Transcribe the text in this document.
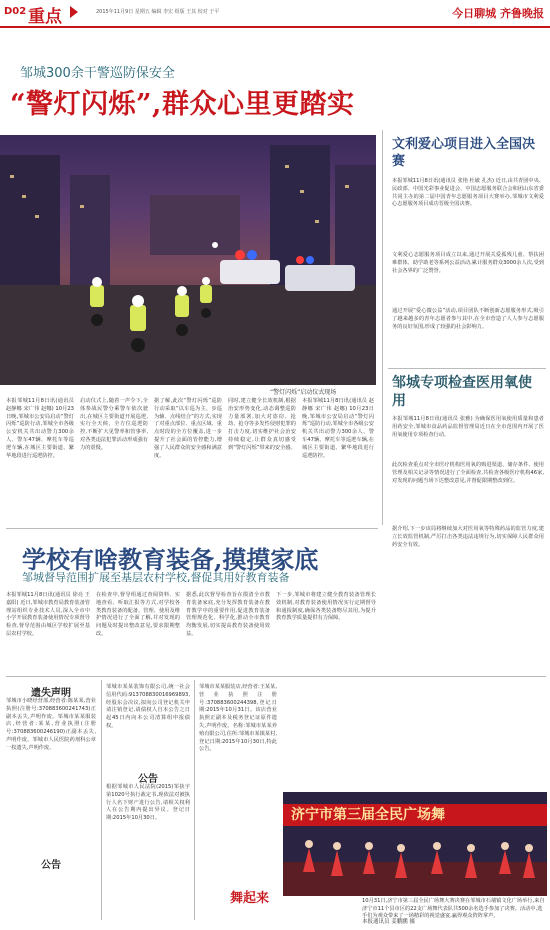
D02 重点	2015年11月9日 星期五 编辑 李宏 组版 王其 校对 于平	今日聊城 齐鲁晚报
邹城300余干警巡防保安全
“警灯闪烁”,群众心里更踏实
“警灯闪烁”启动仪式现场
本报邹城11月8日讯(通讯员 赵静娜 宋广伟 赵娜) 10月23日晚,邹城市公安局启动“警灯闪烁”巡防行动,邹城全市各级公安机关共出动警力300余人、警车47辆、摩托车等巡逻车辆,在城区主要街道、繁华地段进行巡逻防控。
启动仪式上,随着一声令下,全体参战民警分乘警车依次驶出,在城区主要街道开展巡逻,实行全天候、全方位巡逻防控,不断扩大见警率和管事率,对各类违法犯罪活动形成强有力的震慑。
据了解,此次“警灯闪烁”巡防行动采取“以车巡为主、步巡为辅、点线结合”的方式,实现了对重点部位、重点区域、重点时段的全方位覆盖,进一步提升了社会面的管控能力,增强了人民群众的安全感和满意度。
同时,建立健全长效机制,根据治安形势变化,动态调整巡防力量部署,加大对盗窃、抢劫、抢夺等多发性侵财犯罪的打击力度,切实维护社会治安持续稳定,让群众真切感受到“警灯闪烁”带来的安全感。
本报邹城11月8日讯(通讯员 赵静娜 宋广伟 赵娜) 10月23日晚,邹城市公安局启动“警灯闪烁”巡防行动,邹城全市各级公安机关共出动警力300余人、警车47辆、摩托车等巡逻车辆,在城区主要街道、繁华地段进行巡逻防控。
文利爱心项目进入全国决赛
本报邹城11月8日讯(通讯员 张艳 杜敏 孔杰) 近日,由共青团中央、民政部、中国光彩事业促进会、中国志愿服务联合会和团山东省委共同主办的第二届中国青年志愿服务项目大赛举办,邹城市文利爱心志愿服务项目成功晋级全国决赛。
文利爱心志愿服务项目成立以来,通过开展关爱孤残儿童、帮扶困难群体、助学助老等系列公益活动,累计服务群众3000余人次,受到社会各界的广泛赞誉。
通过开展“爱心微公益”活动,项目团队不断创新志愿服务形式,吸引了越来越多的青年志愿者参与其中,在全市营造了人人参与志愿服务的良好氛围,形成了较强的社会影响力。
邹城专项检查医用氧使用
本报邹城11月8日讯(通讯员 张雅) 为确保医用氧使用质量和患者用药安全,邹城市食品药品监督管理局近日在全市范围内开展了医用氧使用专项检查行动。
此次检查重点对全市医疗机构医用氧的购进渠道、储存条件、使用管理及相关记录等情况进行了全面检查,共检查各级医疗机构46家,对发现的问题当场下达整改意见,并督促限期整改到位。
据介绍,下一步该局将继续加大对医用氧等特殊药品的监管力度,建立长效监管机制,严厉打击各类违法违规行为,切实保障人民群众用药安全有效。
学校有啥教育装备,摸摸家底
邹城督导范围扩展至基层农村学校,督促其用好教育装备
本报邹城11月8日讯(通讯员 徐亮 王嘉阳) 近日,邹城市教育局教育装备管理站组织专业技术人员,深入全市中小学开展教育装备使用情况专项督导检查,督导范围由城区学校扩展至基层农村学校。
在检查中,督导组通过查阅资料、实地查看、听取汇报等方式,对学校各类教育装备的配备、管理、使用及维护情况进行了全面了解,并对发现的问题及时提出整改意见,要求限期整改。
据悉,此次督导检查旨在摸清全市教育装备家底,充分发挥教育装备在教育教学中的重要作用,促进教育装备管理规范化、科学化,推动全市教育均衡发展,切实提高教育装备使用效益。
下一步,邹城市将建立健全教育装备管理长效机制,对教育装备使用情况实行定期督导和通报制度,确保各类装备物尽其用,为提升教育教学质量提供有力保障。
遗失声明
邹城市小晓经营部,经营者:陈某某,营业执照(注册号:370883600241743)正副本丢失,声明作废。邹城市某某服装店,经营者:某某,营业执照(注册号:370883600246190)正副本丢失,声明作废。邹城市人民医院药剂科公章一枚遗失,声明作废。
公告
邹城市某某装饰有限公司,统一社会信用代码:913708830016969893,经股东会决议,拟向公司登记机关申请注销登记,请债权人自本公告之日起45日内向本公司清算组申报债权。
公告
根据邹城市人民法院(2015)邹执字第1020号执行裁定书,现依法对被执行人名下财产进行公告,请相关权利人在公告期内提出异议。登记日期:2015年10月30日。
邹城市某某服装店,经营者:王某某,营业执照注册号:370883600244398,登记日期:2015年10月31日。该店营业执照正副本及税务登记证原件遗失,声明作废。名称:邹城市某某养殖有限公司,住所:邹城市某镇某村,登记日期:2015年10月30日,特此公告。
济宁市第三届全民广场舞
舞起来	10月31日,济宁市第三届全民广场舞大赛决赛在邹城市石墙镇文化广场举行,来自济宁市11个县市区的22支广场舞代表队共500余名选手参加了决赛。活动中,选手们为观众带来了一场精彩的视觉盛宴,赢得观众阵阵掌声。
本报通讯员 姜鹏鹏 摄
